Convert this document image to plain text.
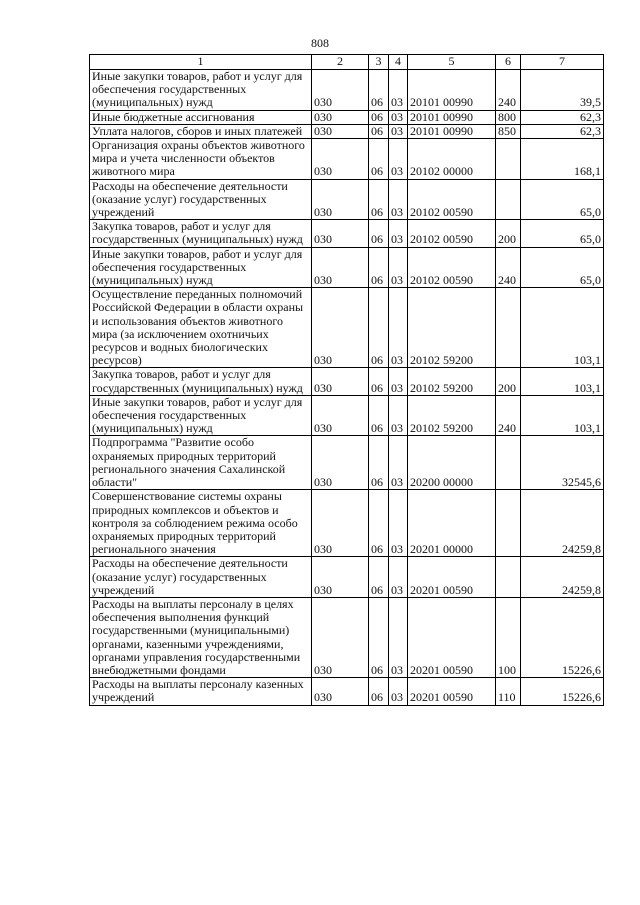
808
1	2	3	4	5	6	7
Иные закупки товаров, работ и услуг для обеспечения государственных (муниципальных) нужд	030	06	03	20101 00990	240	39,5
Иные бюджетные ассигнования	030	06	03	20101 00990	800	62,3
Уплата налогов, сборов и иных платежей	030	06	03	20101 00990	850	62,3
Организация охраны объектов животного мира и учета численности объектов животного мира	030	06	03	20102 00000		168,1
Расходы на обеспечение деятельности (оказание услуг) государственных учреждений	030	06	03	20102 00590		65,0
Закупка товаров, работ и услуг для государственных (муниципальных) нужд	030	06	03	20102 00590	200	65,0
Иные закупки товаров, работ и услуг для обеспечения государственных (муниципальных) нужд	030	06	03	20102 00590	240	65,0
Осуществление переданных полномочий Российской Федерации в области охраны и использования объектов животного мира (за исключением охотничьих ресурсов и водных биологических ресурсов)	030	06	03	20102 59200		103,1
Закупка товаров, работ и услуг для государственных (муниципальных) нужд	030	06	03	20102 59200	200	103,1
Иные закупки товаров, работ и услуг для обеспечения государственных (муниципальных) нужд	030	06	03	20102 59200	240	103,1
Подпрограмма "Развитие особо охраняемых природных территорий регионального значения Сахалинской области"	030	06	03	20200 00000		32545,6
Совершенствование системы охраны природных комплексов и объектов и контроля за соблюдением режима особо охраняемых природных территорий регионального значения	030	06	03	20201 00000		24259,8
Расходы на обеспечение деятельности (оказание услуг) государственных учреждений	030	06	03	20201 00590		24259,8
Расходы на выплаты персоналу в целях обеспечения выполнения функций государственными (муниципальными) органами, казенными учреждениями, органами управления государственными внебюджетными фондами	030	06	03	20201 00590	100	15226,6
Расходы на выплаты персоналу казенных учреждений	030	06	03	20201 00590	110	15226,6
